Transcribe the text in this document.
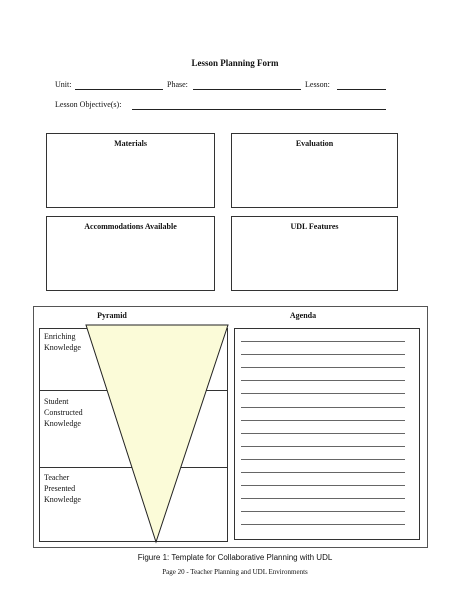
Lesson Planning Form
Unit:	Phase:	Lesson:
Lesson Objective(s):
Materials	Evaluation
Accommodations Available	UDL Features
Pyramid
Enriching Knowledge
Student Constructed Knowledge
Teacher Presented Knowledge
Agenda
Figure 1: Template for Collaborative Planning with UDL
Page 20 - Teacher Planning and UDL Environments
